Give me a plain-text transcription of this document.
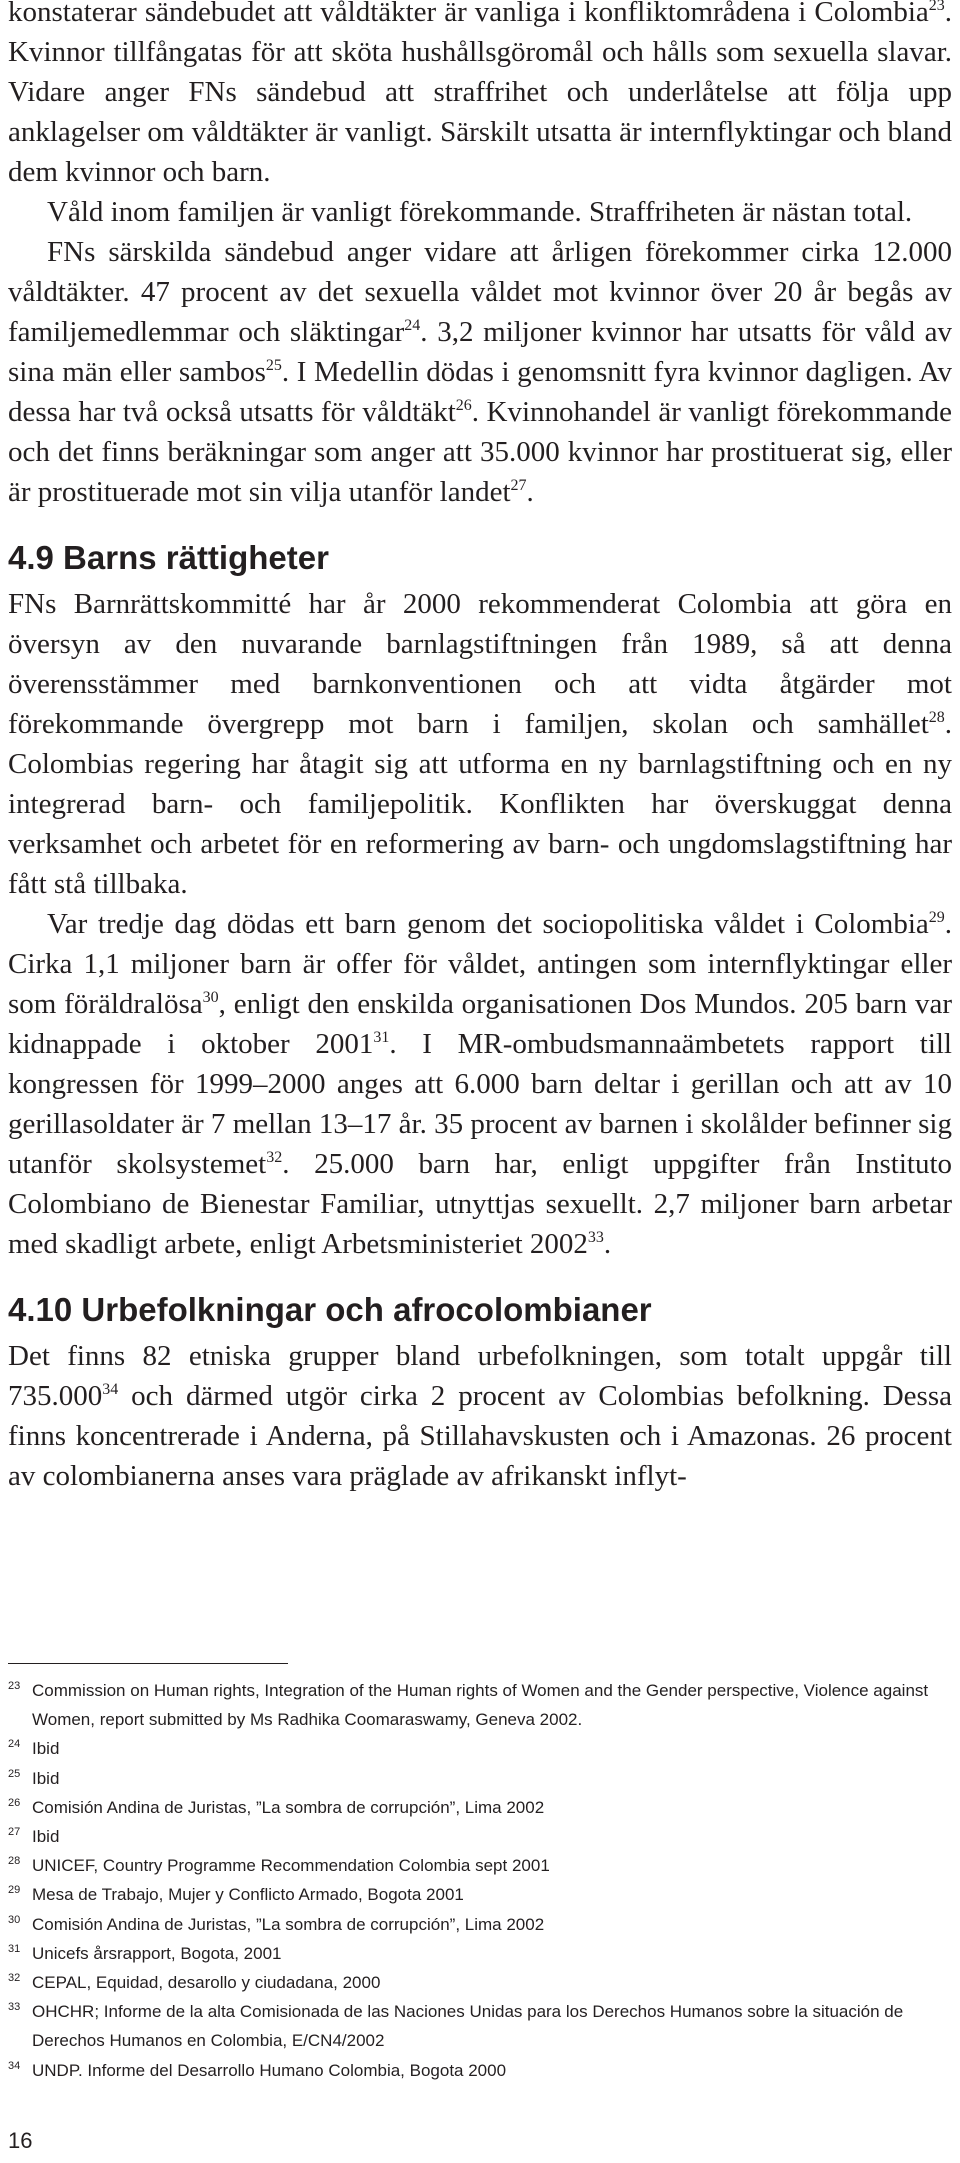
konstaterar sändebudet att våldtäkter är vanliga i konfliktområdena i Colombia$^{23}$. Kvinnor tillfångatas för att sköta hushållsgöromål och hålls som sexuella slavar. Vidare anger FNs sändebud att straffrihet och underlåtelse att följa upp anklagelser om våldtäkter är vanligt. Särskilt utsatta är internflyktingar och bland dem kvinnor och barn.

Våld inom familjen är vanligt förekommande. Straffriheten är nästan total.

FNs särskilda sändebud anger vidare att årligen förekommer cirka 12.000 våldtäkter. 47 procent av det sexuella våldet mot kvinnor över 20 år begås av familjemedlemmar och släktingar$^{24}$. 3,2 miljoner kvinnor har utsatts för våld av sina män eller sambos$^{25}$. I Medellin dödas i genomsnitt fyra kvinnor dagligen. Av dessa har två också utsatts för våldtäkt$^{26}$. Kvinnohandel är vanligt förekommande och det finns beräkningar som anger att 35.000 kvinnor har prostituerat sig, eller är prostituerade mot sin vilja utanför landet$^{27}$.

4.9 Barns rättigheter

FNs Barnrättskommitté har år 2000 rekommenderat Colombia att göra en översyn av den nuvarande barnlagstiftningen från 1989, så att denna överensstämmer med barnkonventionen och att vidta åtgärder mot förekommande övergrepp mot barn i familjen, skolan och samhället$^{28}$. Colombias regering har åtagit sig att utforma en ny barnlagstiftning och en ny integrerad barn- och familjepolitik. Konflikten har överskuggat denna verksamhet och arbetet för en reformering av barn- och ungdomslagstiftning har fått stå tillbaka.

Var tredje dag dödas ett barn genom det sociopolitiska våldet i Colombia$^{29}$. Cirka 1,1 miljoner barn är offer för våldet, antingen som internflyktingar eller som föräldralösa$^{30}$, enligt den enskilda organisationen Dos Mundos. 205 barn var kidnappade i oktober 2001$^{31}$. I MR-ombudsmannaämbetets rapport till kongressen för 1999–2000 anges att 6.000 barn deltar i gerillan och att av 10 gerillasoldater är 7 mellan 13–17 år. 35 procent av barnen i skolålder befinner sig utanför skolsystemet$^{32}$. 25.000 barn har, enligt uppgifter från Instituto Colombiano de Bienestar Familiar, utnyttjas sexuellt. 2,7 miljoner barn arbetar med skadligt arbete, enligt Arbetsministeriet 2002$^{33}$.

4.10 Urbefolkningar och afrocolombianer

Det finns 82 etniska grupper bland urbefolkningen, som totalt uppgår till 735.000$^{34}$ och därmed utgör cirka 2 procent av Colombias befolkning. Dessa finns koncentrerade i Anderna, på Stillahavskusten och i Amazonas. 26 procent av colombianerna anses vara präglade av afrikanskt inflyt-

23 Commission on Human rights, Integration of the Human rights of Women and the Gender perspective, Violence against Women, report submitted by Ms Radhika Coomaraswamy, Geneva 2002.
24 Ibid
25 Ibid
26 Comisión Andina de Juristas, ”La sombra de corrupción”, Lima 2002
27 Ibid
28 UNICEF, Country Programme Recommendation Colombia sept 2001
29 Mesa de Trabajo, Mujer y Conflicto Armado, Bogota 2001
30 Comisión Andina de Juristas, ”La sombra de corrupción”, Lima 2002
31 Unicefs årsrapport, Bogota, 2001
32 CEPAL, Equidad, desarollo y ciudadana, 2000
33 OHCHR; Informe de la alta Comisionada de las Naciones Unidas para los Derechos Humanos sobre la situación de Derechos Humanos en Colombia, E/CN4/2002
34 UNDP. Informe del Desarrollo Humano Colombia, Bogota 2000
16
